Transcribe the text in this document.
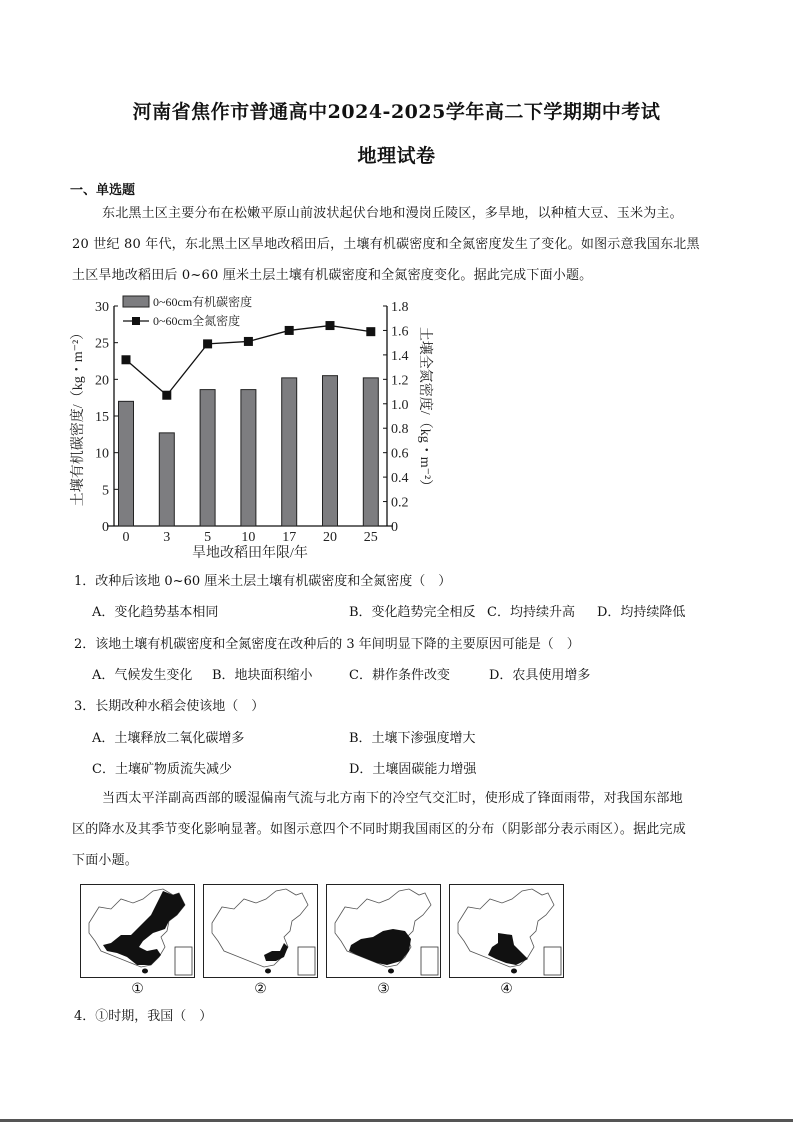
河南省焦作市普通高中2024-2025学年高二下学期期中考试
地理试卷
一、单选题
东北黑土区主要分布在松嫩平原山前波状起伏台地和漫岗丘陵区，多旱地，以种植大豆、玉米为主。
20 世纪 80 年代，东北黑土区旱地改稻田后，土壤有机碳密度和全氮密度发生了变化。如图示意我国东北黑
土区旱地改稻田后 0~60 厘米土层土壤有机碳密度和全氮密度变化。据此完成下面小题。
0
5
10
15
20
25
30
0
0.2
0.4
0.6
0.8
1.0
1.2
1.4
1.6
1.8
0 3 5 10 17 20 25
旱地改稻田年限/年
土壤有机碳密度/（kg・m⁻²）	土壤全氮密度/（kg・m⁻²）
0~60cm有机碳密度
0~60cm全氮密度
1．改种后该地 0~60 厘米土层土壤有机碳密度和全氮密度（　）
A．变化趋势基本相同	B．变化趋势完全相反 C．均持续升高 D．均持续降低
2．该地土壤有机碳密度和全氮密度在改种后的 3 年间明显下降的主要原因可能是（　）
A．气候发生变化 B．地块面积缩小	C．耕作条件改变	D．农具使用增多
3．长期改种水稻会使该地（　）
A．土壤释放二氧化碳增多	B．土壤下渗强度增大
C．土壤矿物质流失减少	D．土壤固碳能力增强
当西太平洋副高西部的暖湿偏南气流与北方南下的冷空气交汇时，使形成了锋面雨带，对我国东部地
区的降水及其季节变化影响显著。如图示意四个不同时期我国雨区的分布（阴影部分表示雨区）。据此完成
下面小题。
①	②	③	④
4．①时期，我国（　）
